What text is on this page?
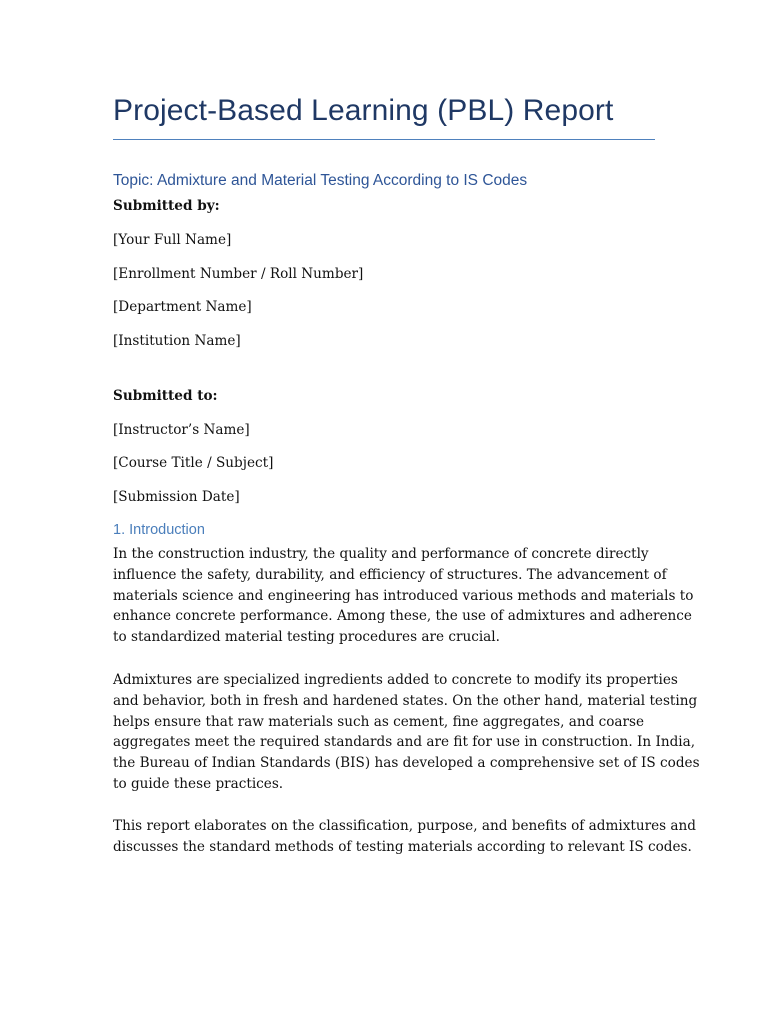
Project-Based Learning (PBL) Report
Topic: Admixture and Material Testing According to IS Codes

Submitted by:

[Your Full Name]

[Enrollment Number / Roll Number]

[Department Name]

[Institution Name]

Submitted to:

[Instructor’s Name]

[Course Title / Subject]

[Submission Date]

1. Introduction

In the construction industry, the quality and performance of concrete directly
influence the safety, durability, and efficiency of structures. The advancement of
materials science and engineering has introduced various methods and materials to
enhance concrete performance. Among these, the use of admixtures and adherence
to standardized material testing procedures are crucial.

Admixtures are specialized ingredients added to concrete to modify its properties
and behavior, both in fresh and hardened states. On the other hand, material testing
helps ensure that raw materials such as cement, fine aggregates, and coarse
aggregates meet the required standards and are fit for use in construction. In India,
the Bureau of Indian Standards (BIS) has developed a comprehensive set of IS codes
to guide these practices.

This report elaborates on the classification, purpose, and benefits of admixtures and
discusses the standard methods of testing materials according to relevant IS codes.
